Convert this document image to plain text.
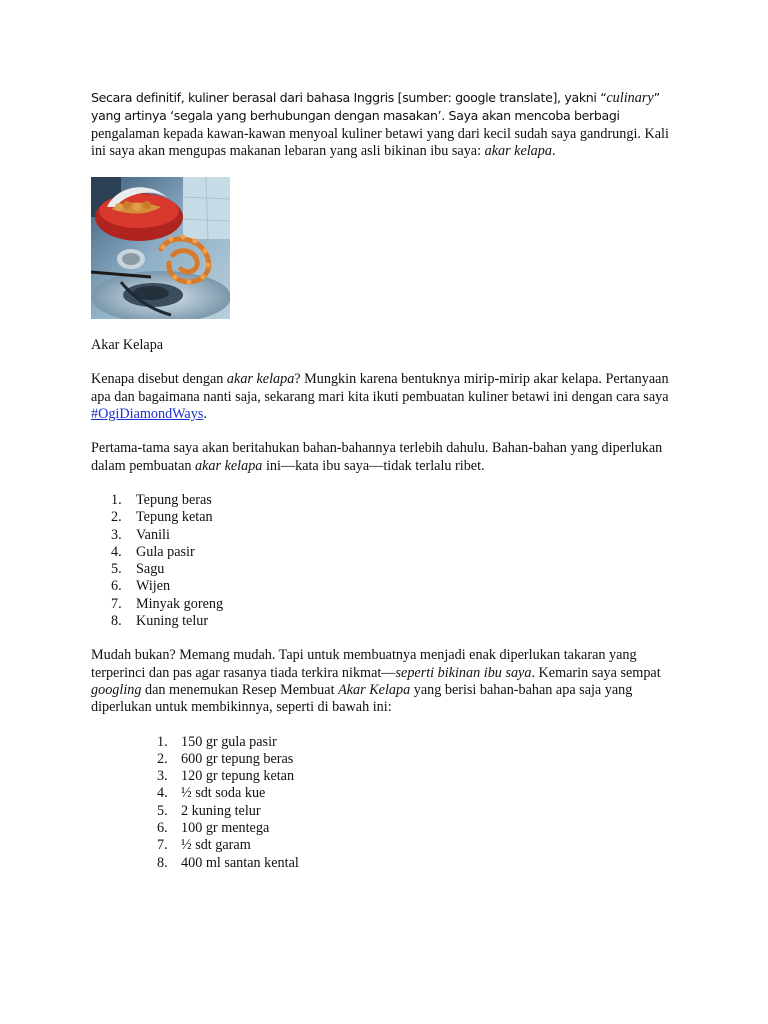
Secara definitif, kuliner berasal dari bahasa Inggris [sumber: google translate], yakni “culinary” yang artinya ‘segala yang berhubungan dengan masakan’. Saya akan mencoba berbagi pengalaman kepada kawan-kawan menyoal kuliner betawi yang dari kecil sudah saya gandrungi. Kali ini saya akan mengupas makanan lebaran yang asli bikinan ibu saya: akar kelapa.

Akar Kelapa

Kenapa disebut dengan akar kelapa? Mungkin karena bentuknya mirip-mirip akar kelapa. Pertanyaan apa dan bagaimana nanti saja, sekarang mari kita ikuti pembuatan kuliner betawi ini dengan cara saya #OgiDiamondWays.

Pertama-tama saya akan beritahukan bahan-bahannya terlebih dahulu. Bahan-bahan yang diperlukan dalam pembuatan akar kelapa ini—kata ibu saya—tidak terlalu ribet.

1.	Tepung beras
2.	Tepung ketan
3.	Vanili
4.	Gula pasir
5.	Sagu
6.	Wijen
7.	Minyak goreng
8.	Kuning telur

Mudah bukan? Memang mudah. Tapi untuk membuatnya menjadi enak diperlukan takaran yang terperinci dan pas agar rasanya tiada terkira nikmat—seperti bikinan ibu saya. Kemarin saya sempat googling dan menemukan Resep Membuat Akar Kelapa yang berisi bahan-bahan apa saja yang diperlukan untuk membikinnya, seperti di bawah ini:

1. 150 gr gula pasir
2. 600 gr tepung beras
3. 120 gr tepung ketan
4. ½ sdt soda kue
5. 2 kuning telur
6. 100 gr mentega
7. ½ sdt garam
8. 400 ml santan kental
